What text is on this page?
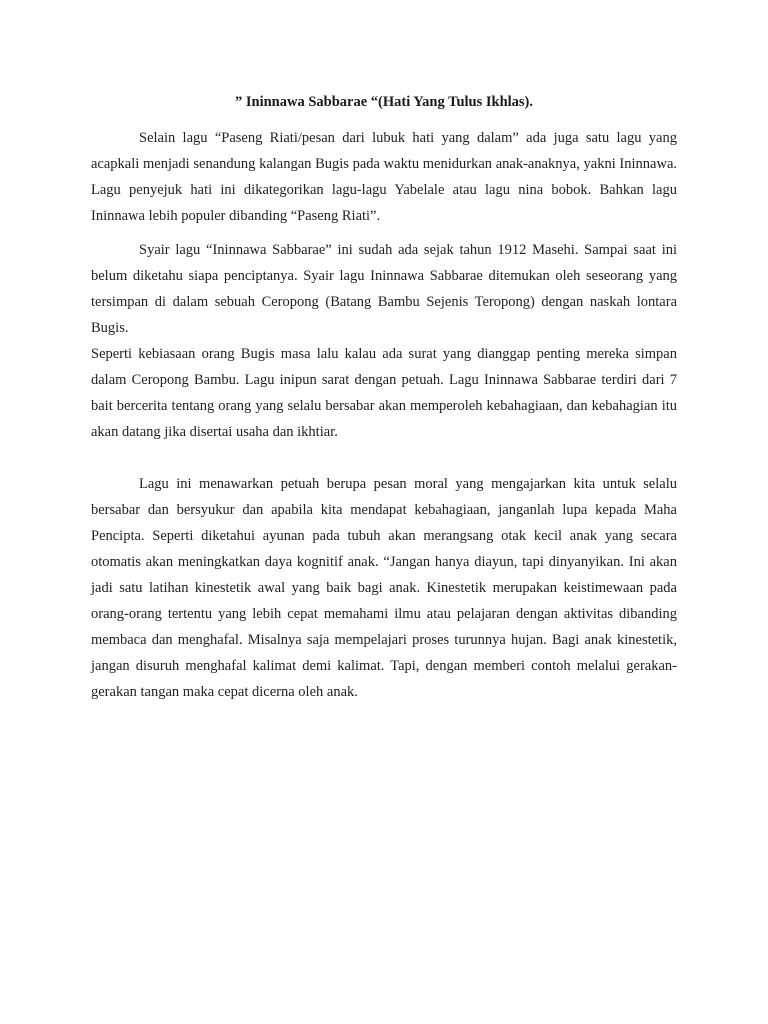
” Ininnawa Sabbarae “(Hati Yang Tulus Ikhlas).

Selain lagu “Paseng Riati/pesan dari lubuk hati yang dalam” ada juga satu lagu yang acapkali menjadi senandung kalangan Bugis pada waktu menidurkan anak-anaknya, yakni Ininnawa. Lagu penyejuk hati ini dikategorikan lagu-lagu Yabelale atau lagu nina bobok. Bahkan lagu Ininnawa lebih populer dibanding “Paseng Riati”.

Syair lagu “Ininnawa Sabbarae” ini sudah ada sejak tahun 1912 Masehi. Sampai saat ini belum diketahu siapa penciptanya. Syair lagu Ininnawa Sabbarae ditemukan oleh seseorang yang tersimpan di dalam sebuah Ceropong (Batang Bambu Sejenis Teropong) dengan naskah lontara Bugis.

Seperti kebiasaan orang Bugis masa lalu kalau ada surat yang dianggap penting mereka simpan dalam Ceropong Bambu. Lagu inipun sarat dengan petuah. Lagu Ininnawa Sabbarae terdiri dari 7 bait bercerita tentang orang yang selalu bersabar akan memperoleh kebahagiaan, dan kebahagian itu akan datang jika disertai usaha dan ikhtiar.

Lagu ini menawarkan petuah berupa pesan moral yang mengajarkan kita untuk selalu bersabar dan bersyukur dan apabila kita mendapat kebahagiaan, janganlah lupa kepada Maha Pencipta. Seperti diketahui ayunan pada tubuh akan merangsang otak kecil anak yang secara otomatis akan meningkatkan daya kognitif anak. “Jangan hanya diayun, tapi dinyanyikan. Ini akan jadi satu latihan kinestetik awal yang baik bagi anak. Kinestetik merupakan keistimewaan pada orang-orang tertentu yang lebih cepat memahami ilmu atau pelajaran dengan aktivitas dibanding membaca dan menghafal. Misalnya saja mempelajari proses turunnya hujan. Bagi anak kinestetik, jangan disuruh menghafal kalimat demi kalimat. Tapi, dengan memberi contoh melalui gerakan-gerakan tangan maka cepat dicerna oleh anak.
